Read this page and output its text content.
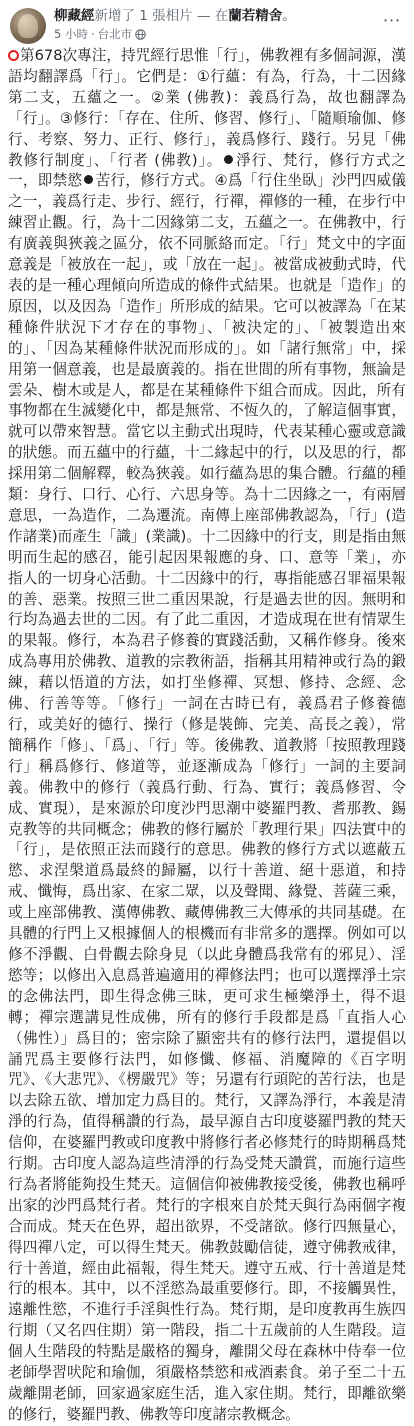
柳藏經新增了 1 張相片 — 在蘭若精舍。
5 小時 · 台北市
⋯

第678次專注，持咒經行思惟「行」，佛教裡有多個詞源，漢語均翻譯爲「行」。它們是：①行蘊：有為，行為，十二因緣第二支，五蘊之一。②業 (佛教)：義爲行為，故也翻譯為「行」。③修行：「存在、住所、修習、修行」、「隨順瑜伽、修行、考察、努力、正行、修行」，義爲修行、踐行。另見「佛教修行制度」、「行者 (佛教)」。 淨行、梵行，修行方式之一，即禁慾 苦行，修行方式。④爲「行住坐臥」沙門四威儀之一，義爲行走、步行、經行，行禪，禪修的一種，在步行中練習止觀。行，為十二因緣第二支，五蘊之一。在佛教中，行有廣義與狹義之區分，依不同脈絡而定。「行」梵文中的字面意義是「被放在一起」，或「放在一起」。被當成被動式時，代表的是一種心理傾向所造成的條件式結果。也就是「造作」的原因，以及因為「造作」所形成的結果。它可以被譯為「在某種條件狀況下才存在的事物」、「被決定的」、「被製造出來的」、「因為某種條件狀況而形成的」。如「諸行無常」中，採用第一個意義，也是最廣義的。指在世間的所有事物，無論是雲朵、樹木或是人，都是在某種條件下組合而成。因此，所有事物都在生滅變化中，都是無常、不恆久的，了解這個事實，就可以帶來智慧。當它以主動式出現時，代表某種心靈或意識的狀態。而五蘊中的行蘊，十二緣起中的行，以及思的行，都採用第二個解釋，較為狹義。如行蘊為思的集合體。行蘊的種類：身行、口行、心行、六思身等。為十二因緣之一，有兩層意思，一為造作，二為遷流。南傳上座部佛教認為，「行」(造作諸業)而產生「識」(業識)。十二因緣中的行支，則是指由無明而生起的感召，能引起因果報應的身、口、意等「業」，亦指人的一切身心活動。十二因緣中的行，專指能感召罪福果報的善、惡業。按照三世二重因果說，行是過去世的因。無明和行均為過去世的二因。有了此二重因，才造成現在世有情眾生的果報。修行，本為君子修養的實踐活動，又稱作修身。後來成為專用於佛教、道教的宗教術語，指稱其用精神或行為的鍛練，藉以悟道的方法，如打坐修禪、冥想、修持、念經、念佛、行善等等。「修行」一詞在古時已有，義爲君子修養德行，或美好的德行、操行（修是裝飾、完美、高長之義），常簡稱作「修」、「爲」、「行」等。後佛教、道教將「按照教理踐行」稱爲修行、修道等，並逐漸成為「修行」一詞的主要詞義。佛教中的修行（義爲行動、行為、實行；義爲修習、令成、實現），是來源於印度沙門思潮中婆羅門教、耆那教、錫克教等的共同概念；佛教的修行屬於「教理行果」四法實中的「行」，是依照正法而踐行的意思。佛教的修行方式以遮蔽五慾、求涅槃道爲最終的歸屬，以行十善道、絕十惡道，和持戒、懺悔，爲出家、在家二眾，以及聲聞、緣覺、菩薩三乘，或上座部佛教、漢傳佛教、藏傳佛教三大傳承的共同基礎。在具體的行門上又根據個人的根機而有非常多的選擇。例如可以修不淨觀、白骨觀去除身見（以此身體爲我常有的邪見）、淫慾等；以修出入息爲普遍適用的禪修法門；也可以選擇淨土宗的念佛法門，即生得念佛三昧，更可求生極樂淨土，得不退轉；禪宗選講見性成佛，所有的修行手段都是爲「直指人心（佛性）」爲目的；密宗除了顯密共有的修行法門，還提倡以誦咒爲主要修行法門，如修懺、修福、消魔障的《百字明咒》、《大悲咒》、《楞嚴咒》等；另還有行頭陀的苦行法，也是以去除五欲、增加定力爲目的。梵行，又譯為淨行，本義是清淨的行為，值得稱讚的行為，最早源自古印度婆羅門教的梵天信仰，在婆羅門教或印度教中將修行者必修梵行的時期稱爲梵行期。古印度人認為這些清淨的行為受梵天讚賞，而施行這些行為者將能夠投生梵天。這個信仰被佛教接受後，佛教也稱呼出家的沙門爲梵行者。梵行的字根來自於梵天與行為兩個字複合而成。梵天在色界，超出欲界，不受諸欲。修行四無量心，得四禪八定，可以得生梵天。佛教鼓勵信徒，遵守佛教戒律，行十善道，經由此福報，得生梵天。遵守五戒、行十善道是梵行的根本。其中，以不淫慾為最重要修行。即，不接觸異性，遠離性慾，不進行手淫與性行為。梵行期，是印度教再生族四行期（又名四住期）第一階段，指二十五歲前的人生階段。這個人生階段的特點是嚴格的獨身，離開父母在森林中侍奉一位老師學習吠陀和瑜伽，須嚴格禁慾和戒酒素食。弟子至二十五歲離開老師，回家過家庭生活，進入家住期。梵行，即離欲樂的修行，婆羅門教、佛教等印度諸宗教概念。
